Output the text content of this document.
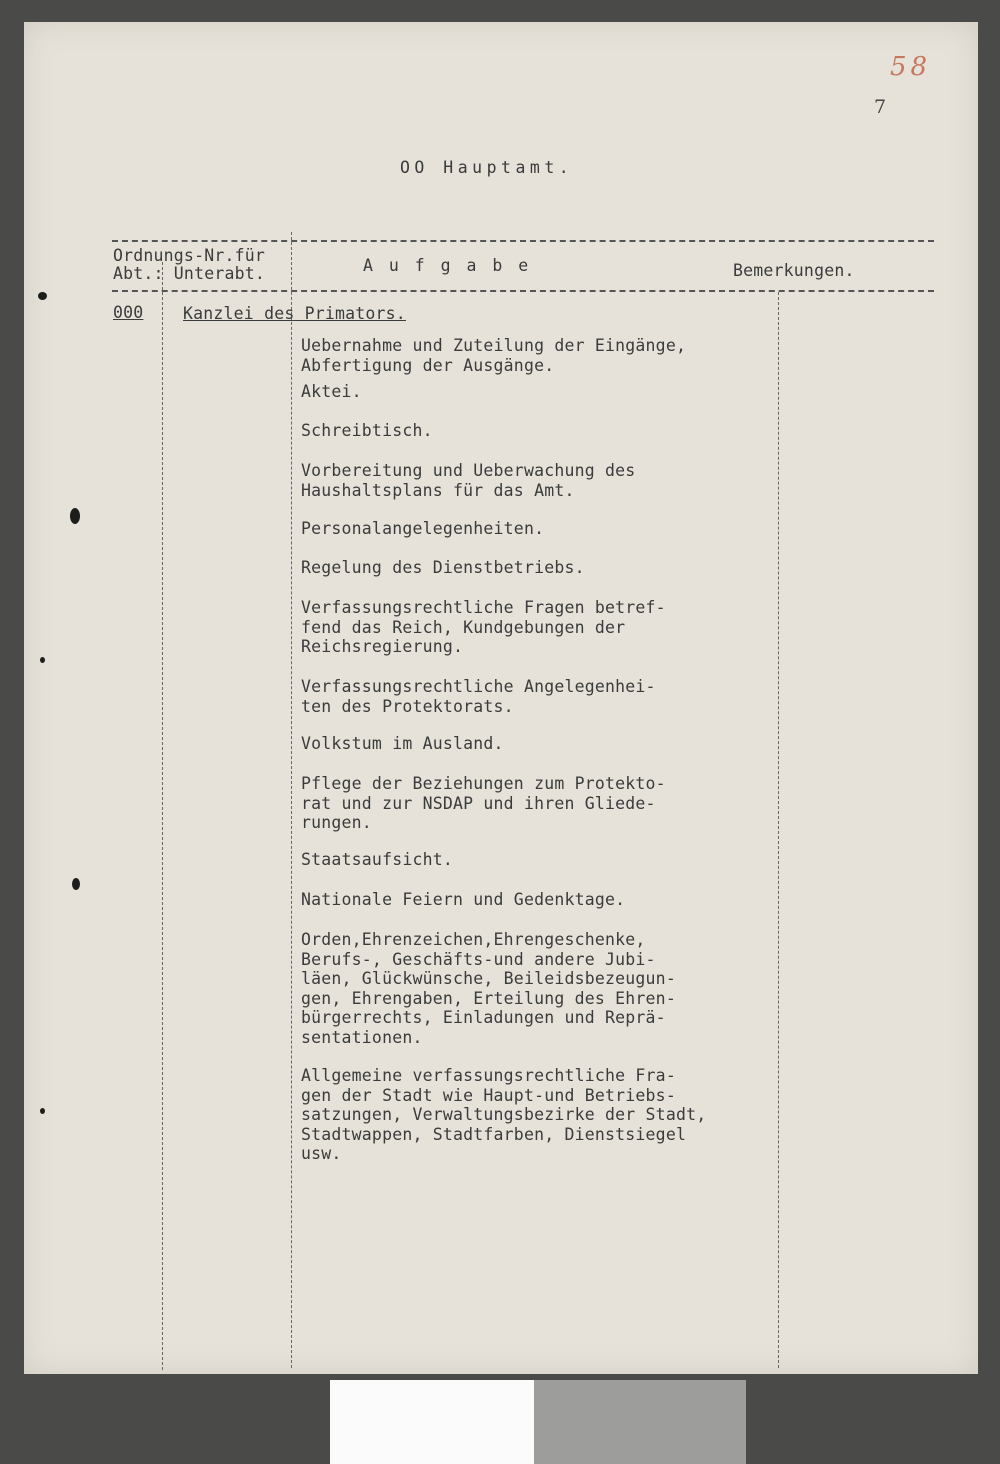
58
7
OO Hauptamt.
Ordnungs-Nr.für
Abt.: Unterabt.	A u f g a b e	Bemerkungen.
000 Kanzlei des Primators.
Uebernahme und Zuteilung der Eingänge,
Abfertigung der Ausgänge.
Aktei.
Schreibtisch.
Vorbereitung und Ueberwachung des
Haushaltsplans für das Amt.
Personalangelegenheiten.
Regelung des Dienstbetriebs.
Verfassungsrechtliche Fragen betref-
fend das Reich, Kundgebungen der
Reichsregierung.
Verfassungsrechtliche Angelegenhei-
ten des Protektorats.
Volkstum im Ausland.
Pflege der Beziehungen zum Protekto-
rat und zur NSDAP und ihren Gliede-
rungen.
Staatsaufsicht.
Nationale Feiern und Gedenktage.
Orden,Ehrenzeichen,Ehrengeschenke,
Berufs-, Geschäfts-und andere Jubi-
läen, Glückwünsche, Beileidsbezeugun-
gen, Ehrengaben, Erteilung des Ehren-
bürgerrechts, Einladungen und Reprä-
sentationen.
Allgemeine verfassungsrechtliche Fra-
gen der Stadt wie Haupt-und Betriebs-
satzungen, Verwaltungsbezirke der Stadt,
Stadtwappen, Stadtfarben, Dienstsiegel
usw.
